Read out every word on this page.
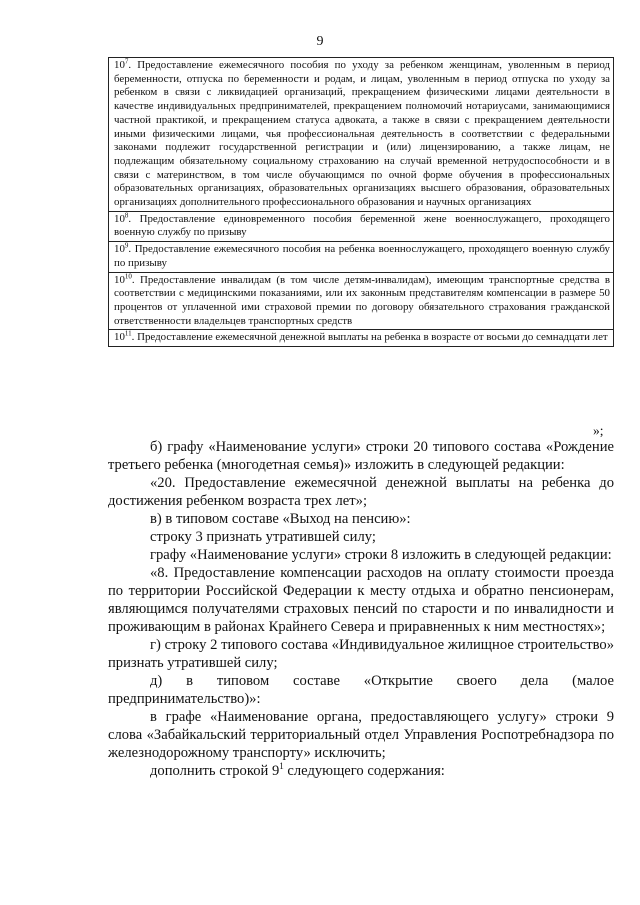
9
$10^7$. Предоставление ежемесячного пособия по уходу за ребенком женщинам, уволенным в период беременности, отпуска по беременности и родам, и лицам, уволенным в период отпуска по уходу за ребенком в связи с ликвидацией организаций, прекращением физическими лицами деятельности в качестве индивидуальных предпринимателей, прекращением полномочий нотариусами, занимающимися частной практикой, и прекращением статуса адвоката, а также в связи с прекращением деятельности иными физическими лицами, чья профессиональная деятельность в соответствии с федеральными законами подлежит государственной регистрации и (или) лицензированию, а также лицам, не подлежащим обязательному социальному страхованию на случай временной нетрудоспособности и в связи с материнством, в том числе обучающимся по очной форме обучения в профессиональных образовательных организациях, образовательных организациях высшего образования, образовательных организациях дополнительного профессионального образования и научных организациях
$10^8$. Предоставление единовременного пособия беременной жене военнослужащего, проходящего военную службу по призыву
$10^9$. Предоставление ежемесячного пособия на ребенка военнослужащего, проходящего военную службу по призыву
$10^{10}$. Предоставление инвалидам (в том числе детям-инвалидам), имеющим транспортные средства в соответствии с медицинскими показаниями, или их законным представителям компенсации в размере 50 процентов от уплаченной ими страховой премии по договору обязательного страхования гражданской ответственности владельцев транспортных средств
$10^{11}$. Предоставление ежемесячной денежной выплаты на ребенка в возрасте от восьми до семнадцати лет
»;

б) графу «Наименование услуги» строки 20 типового состава «Рождение третьего ребенка (многодетная семья)» изложить в следующей редакции:

«20. Предоставление ежемесячной денежной выплаты на ребенка до достижения ребенком возраста трех лет»;

в) в типовом составе «Выход на пенсию»:

строку 3 признать утратившей силу;

графу «Наименование услуги» строки 8 изложить в следующей редакции:

«8. Предоставление компенсации расходов на оплату стоимости проезда по территории Российской Федерации к месту отдыха и обратно пенсионерам, являющимся получателями страховых пенсий по старости и по инвалидности и проживающим в районах Крайнего Севера и приравненных к ним местностях»;

г) строку 2 типового состава «Индивидуальное жилищное строительство» признать утратившей силу;

д) в типовом составе «Открытие своего дела (малое предпринимательство)»:

в графе «Наименование органа, предоставляющего услугу» строки 9 слова «Забайкальский территориальный отдел Управления Роспотребнадзора по железнодорожному транспорту» исключить;

дополнить строкой $9^1$ следующего содержания:
